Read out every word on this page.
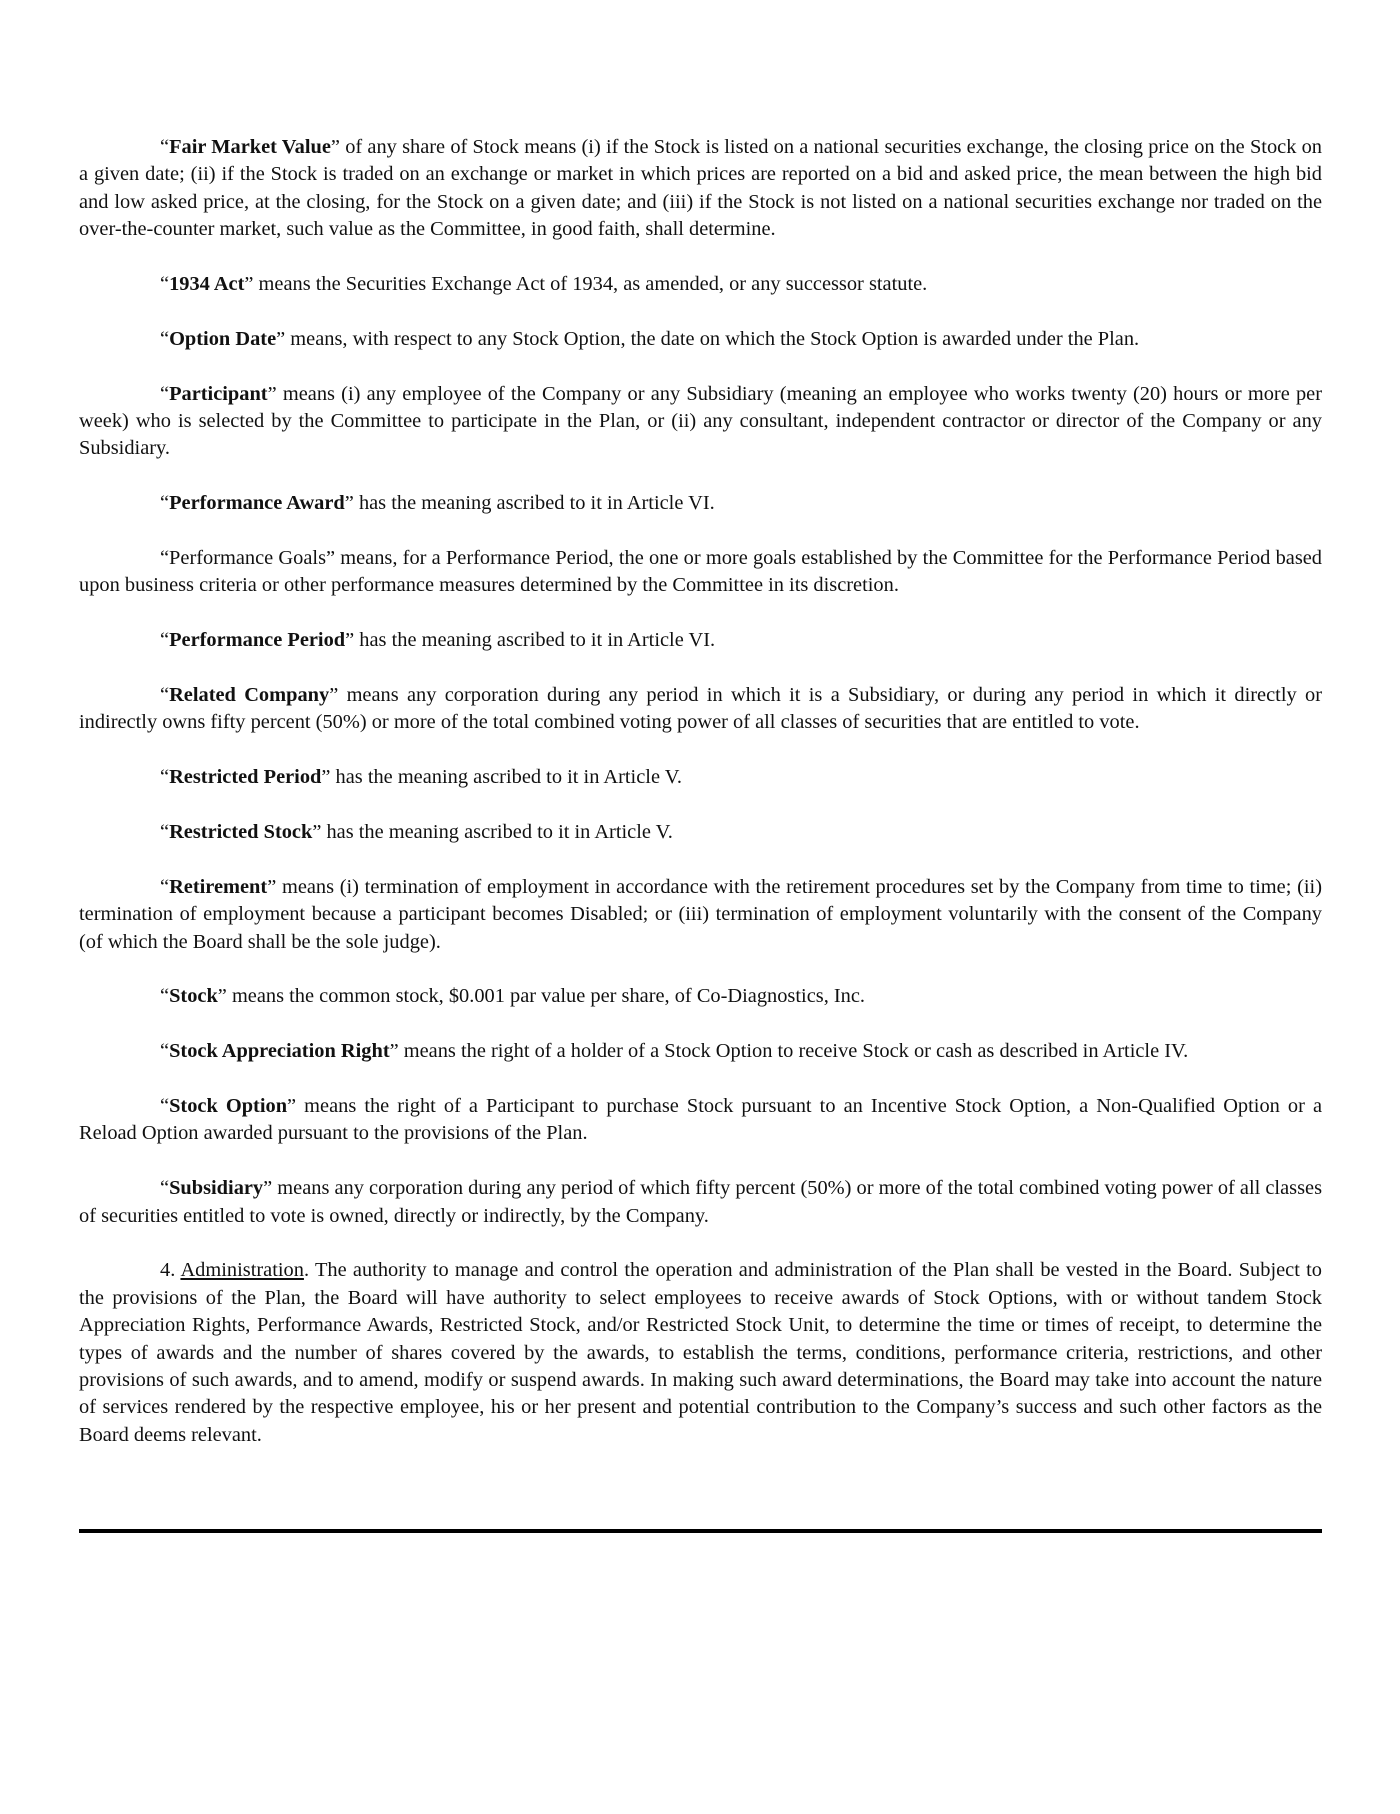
“Fair Market Value” of any share of Stock means (i) if the Stock is listed on a national securities exchange, the closing price on the Stock on a given date; (ii) if the Stock is traded on an exchange or market in which prices are reported on a bid and asked price, the mean between the high bid and low asked price, at the closing, for the Stock on a given date; and (iii) if the Stock is not listed on a national securities exchange nor traded on the over-the-counter market, such value as the Committee, in good faith, shall determine.

“1934 Act” means the Securities Exchange Act of 1934, as amended, or any successor statute.

“Option Date” means, with respect to any Stock Option, the date on which the Stock Option is awarded under the Plan.

“Participant” means (i) any employee of the Company or any Subsidiary (meaning an employee who works twenty (20) hours or more per week) who is selected by the Committee to participate in the Plan, or (ii) any consultant, independent contractor or director of the Company or any Subsidiary.

“Performance Award” has the meaning ascribed to it in Article VI.

“Performance Goals” means, for a Performance Period, the one or more goals established by the Committee for the Performance Period based upon business criteria or other performance measures determined by the Committee in its discretion.

“Performance Period” has the meaning ascribed to it in Article VI.

“Related Company” means any corporation during any period in which it is a Subsidiary, or during any period in which it directly or indirectly owns fifty percent (50%) or more of the total combined voting power of all classes of securities that are entitled to vote.

“Restricted Period” has the meaning ascribed to it in Article V.

“Restricted Stock” has the meaning ascribed to it in Article V.

“Retirement” means (i) termination of employment in accordance with the retirement procedures set by the Company from time to time; (ii) termination of employment because a participant becomes Disabled; or (iii) termination of employment voluntarily with the consent of the Company (of which the Board shall be the sole judge).

“Stock” means the common stock, $0.001 par value per share, of Co-Diagnostics, Inc.

“Stock Appreciation Right” means the right of a holder of a Stock Option to receive Stock or cash as described in Article IV.

“Stock Option” means the right of a Participant to purchase Stock pursuant to an Incentive Stock Option, a Non-Qualified Option or a Reload Option awarded pursuant to the provisions of the Plan.

“Subsidiary” means any corporation during any period of which fifty percent (50%) or more of the total combined voting power of all classes of securities entitled to vote is owned, directly or indirectly, by the Company.

4. Administration. The authority to manage and control the operation and administration of the Plan shall be vested in the Board. Subject to the provisions of the Plan, the Board will have authority to select employees to receive awards of Stock Options, with or without tandem Stock Appreciation Rights, Performance Awards, Restricted Stock, and/or Restricted Stock Unit, to determine the time or times of receipt, to determine the types of awards and the number of shares covered by the awards, to establish the terms, conditions, performance criteria, restrictions, and other provisions of such awards, and to amend, modify or suspend awards. In making such award determinations, the Board may take into account the nature of services rendered by the respective employee, his or her present and potential contribution to the Company’s success and such other factors as the Board deems relevant.
